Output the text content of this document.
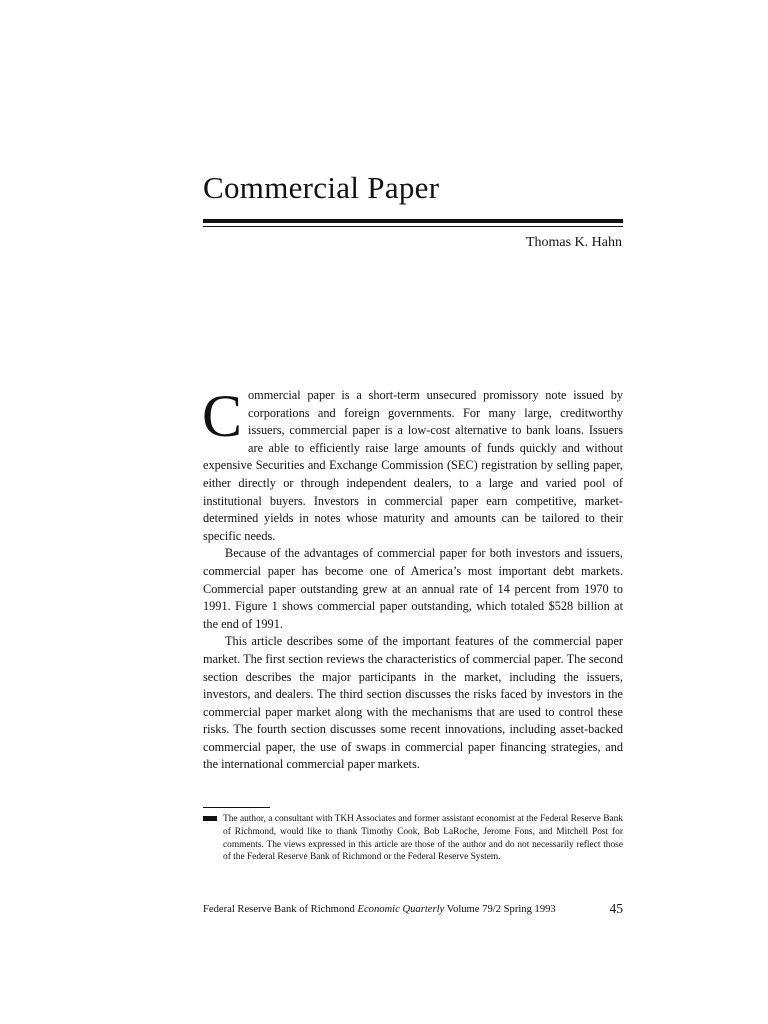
Commercial Paper
Thomas K. Hahn

Commercial paper is a short-term unsecured promissory note issued by corporations and foreign governments. For many large, creditworthy issuers, commercial paper is a low-cost alternative to bank loans. Issuers are able to efficiently raise large amounts of funds quickly and without expensive Securities and Exchange Commission (SEC) registration by selling paper, either directly or through independent dealers, to a large and varied pool of institutional buyers. Investors in commercial paper earn competitive, market-determined yields in notes whose maturity and amounts can be tailored to their specific needs.

Because of the advantages of commercial paper for both investors and issuers, commercial paper has become one of America’s most important debt markets. Commercial paper outstanding grew at an annual rate of 14 percent from 1970 to 1991. Figure 1 shows commercial paper outstanding, which totaled $528 billion at the end of 1991.

This article describes some of the important features of the commercial paper market. The first section reviews the characteristics of commercial paper. The second section describes the major participants in the market, including the issuers, investors, and dealers. The third section discusses the risks faced by investors in the commercial paper market along with the mechanisms that are used to control these risks. The fourth section discusses some recent innovations, including asset-backed commercial paper, the use of swaps in commercial paper financing strategies, and the international commercial paper markets.

The author, a consultant with TKH Associates and former assistant economist at the Federal Reserve Bank of Richmond, would like to thank Timothy Cook, Bob LaRoche, Jerome Fons, and Mitchell Post for comments. The views expressed in this article are those of the author and do not necessarily reflect those of the Federal Reserve Bank of Richmond or the Federal Reserve System.
Federal Reserve Bank of Richmond Economic Quarterly Volume 79/2 Spring 1993	45
